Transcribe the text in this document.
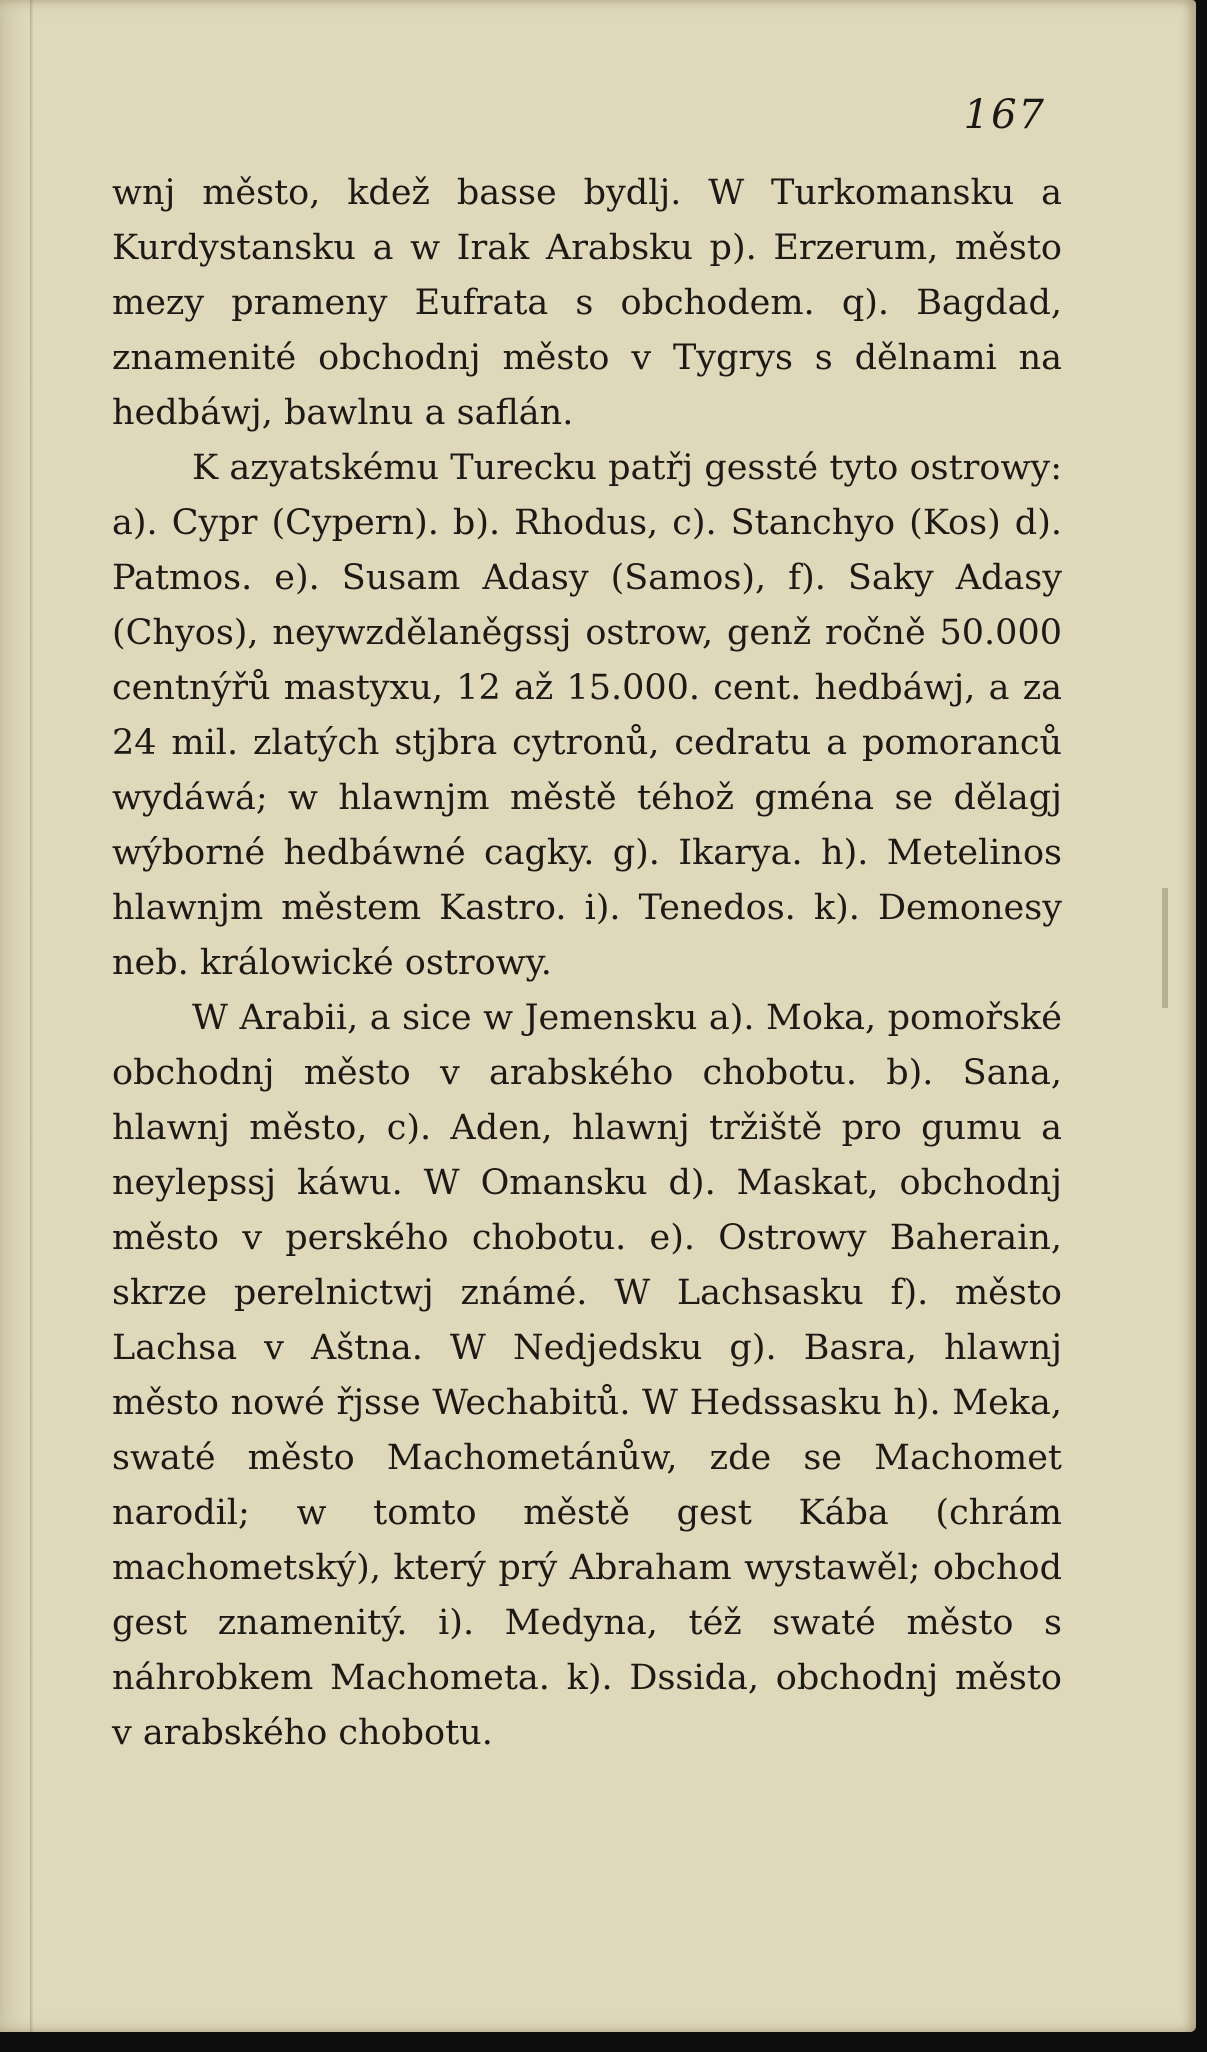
167

wnj město, kdež basse bydlj. W Turkomansku a Kurdystansku a w Irak Arabsku p). Erzerum, město mezy prameny Eufrata s obchodem. q). Bagdad, znamenité obchodnj město v Tygrys s dělnami na hedbáwj, bawlnu a saflán.

K azyatskému Turecku patřj gessté tyto ostrowy: a). Cypr (Cypern). b). Rhodus, c). Stanchyo (Kos) d). Patmos. e). Susam Adasy (Samos), f). Saky Adasy (Chyos), neywzdělaněgssj ostrow, genž ročně 50.000 centnýřů mastyxu, 12 až 15.000. cent. hedbáwj, a za 24 mil. zlatých stjbra cytronů, cedratu a pomoranců wydáwá; w hlawnjm městě téhož gména se dělagj wýborné hedbáwné cagky. g). Ikarya. h). Metelinos hlawnjm městem Kastro. i). Tenedos. k). Demonesy neb. králowické ostrowy.

W Arabii, a sice w Jemensku a). Moka, pomořské obchodnj město v arabského chobotu. b). Sana, hlawnj město, c). Aden, hlawnj tržiště pro gumu a neylepssj káwu. W Omansku d). Maskat, obchodnj město v perského chobotu. e). Ostrowy Baherain, skrze perelnictwj známé. W Lachsasku f). město Lachsa v Aštna. W Nedjedsku g). Basra, hlawnj město nowé řjsse Wechabitů. W Hedssasku h). Meka, swaté město Machometánůw, zde se Machomet narodil; w tomto městě gest Kába (chrám machometský), který prý Abraham wystawěl; obchod gest znamenitý. i). Medyna, též swaté město s náhrobkem Machometa. k). Dssida, obchodnj město v arabského chobotu.
